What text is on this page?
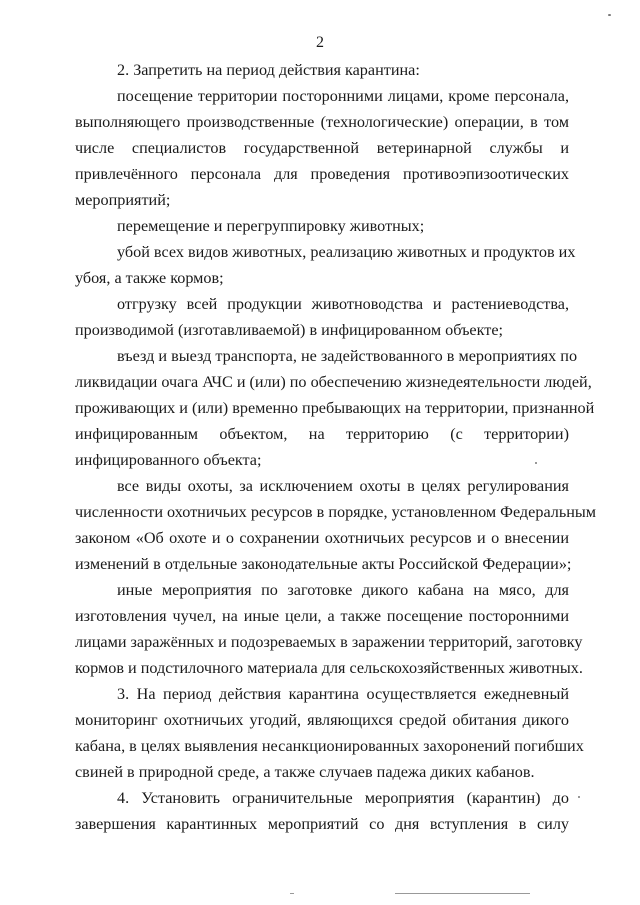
2
2. Запретить на период действия карантина:
посещение территории посторонними лицами, кроме персонала,
выполняющего производственные (технологические) операции, в том
числе специалистов государственной ветеринарной службы и
привлечённого персонала для проведения противоэпизоотических
мероприятий;
перемещение и перегруппировку животных;
убой всех видов животных, реализацию животных и продуктов их
убоя, а также кормов;
отгрузку всей продукции животноводства и растениеводства,
производимой (изготавливаемой) в инфицированном объекте;
въезд и выезд транспорта, не задействованного в мероприятиях по
ликвидации очага АЧС и (или) по обеспечению жизнедеятельности людей,
проживающих и (или) временно пребывающих на территории, признанной
инфицированным объектом, на территорию (с территории)
инфицированного объекта;
все виды охоты, за исключением охоты в целях регулирования
численности охотничьих ресурсов в порядке, установленном Федеральным
законом «Об охоте и о сохранении охотничьих ресурсов и о внесении
изменений в отдельные законодательные акты Российской Федерации»;
иные мероприятия по заготовке дикого кабана на мясо, для
изготовления чучел, на иные цели, а также посещение посторонними
лицами заражённых и подозреваемых в заражении территорий, заготовку
кормов и подстилочного материала для сельскохозяйственных животных.
3. На период действия карантина осуществляется ежедневный
мониторинг охотничьих угодий, являющихся средой обитания дикого
кабана, в целях выявления несанкционированных захоронений погибших
свиней в природной среде, а также случаев падежа диких кабанов.
4. Установить ограничительные мероприятия (карантин) до
завершения карантинных мероприятий со дня вступления в силу
